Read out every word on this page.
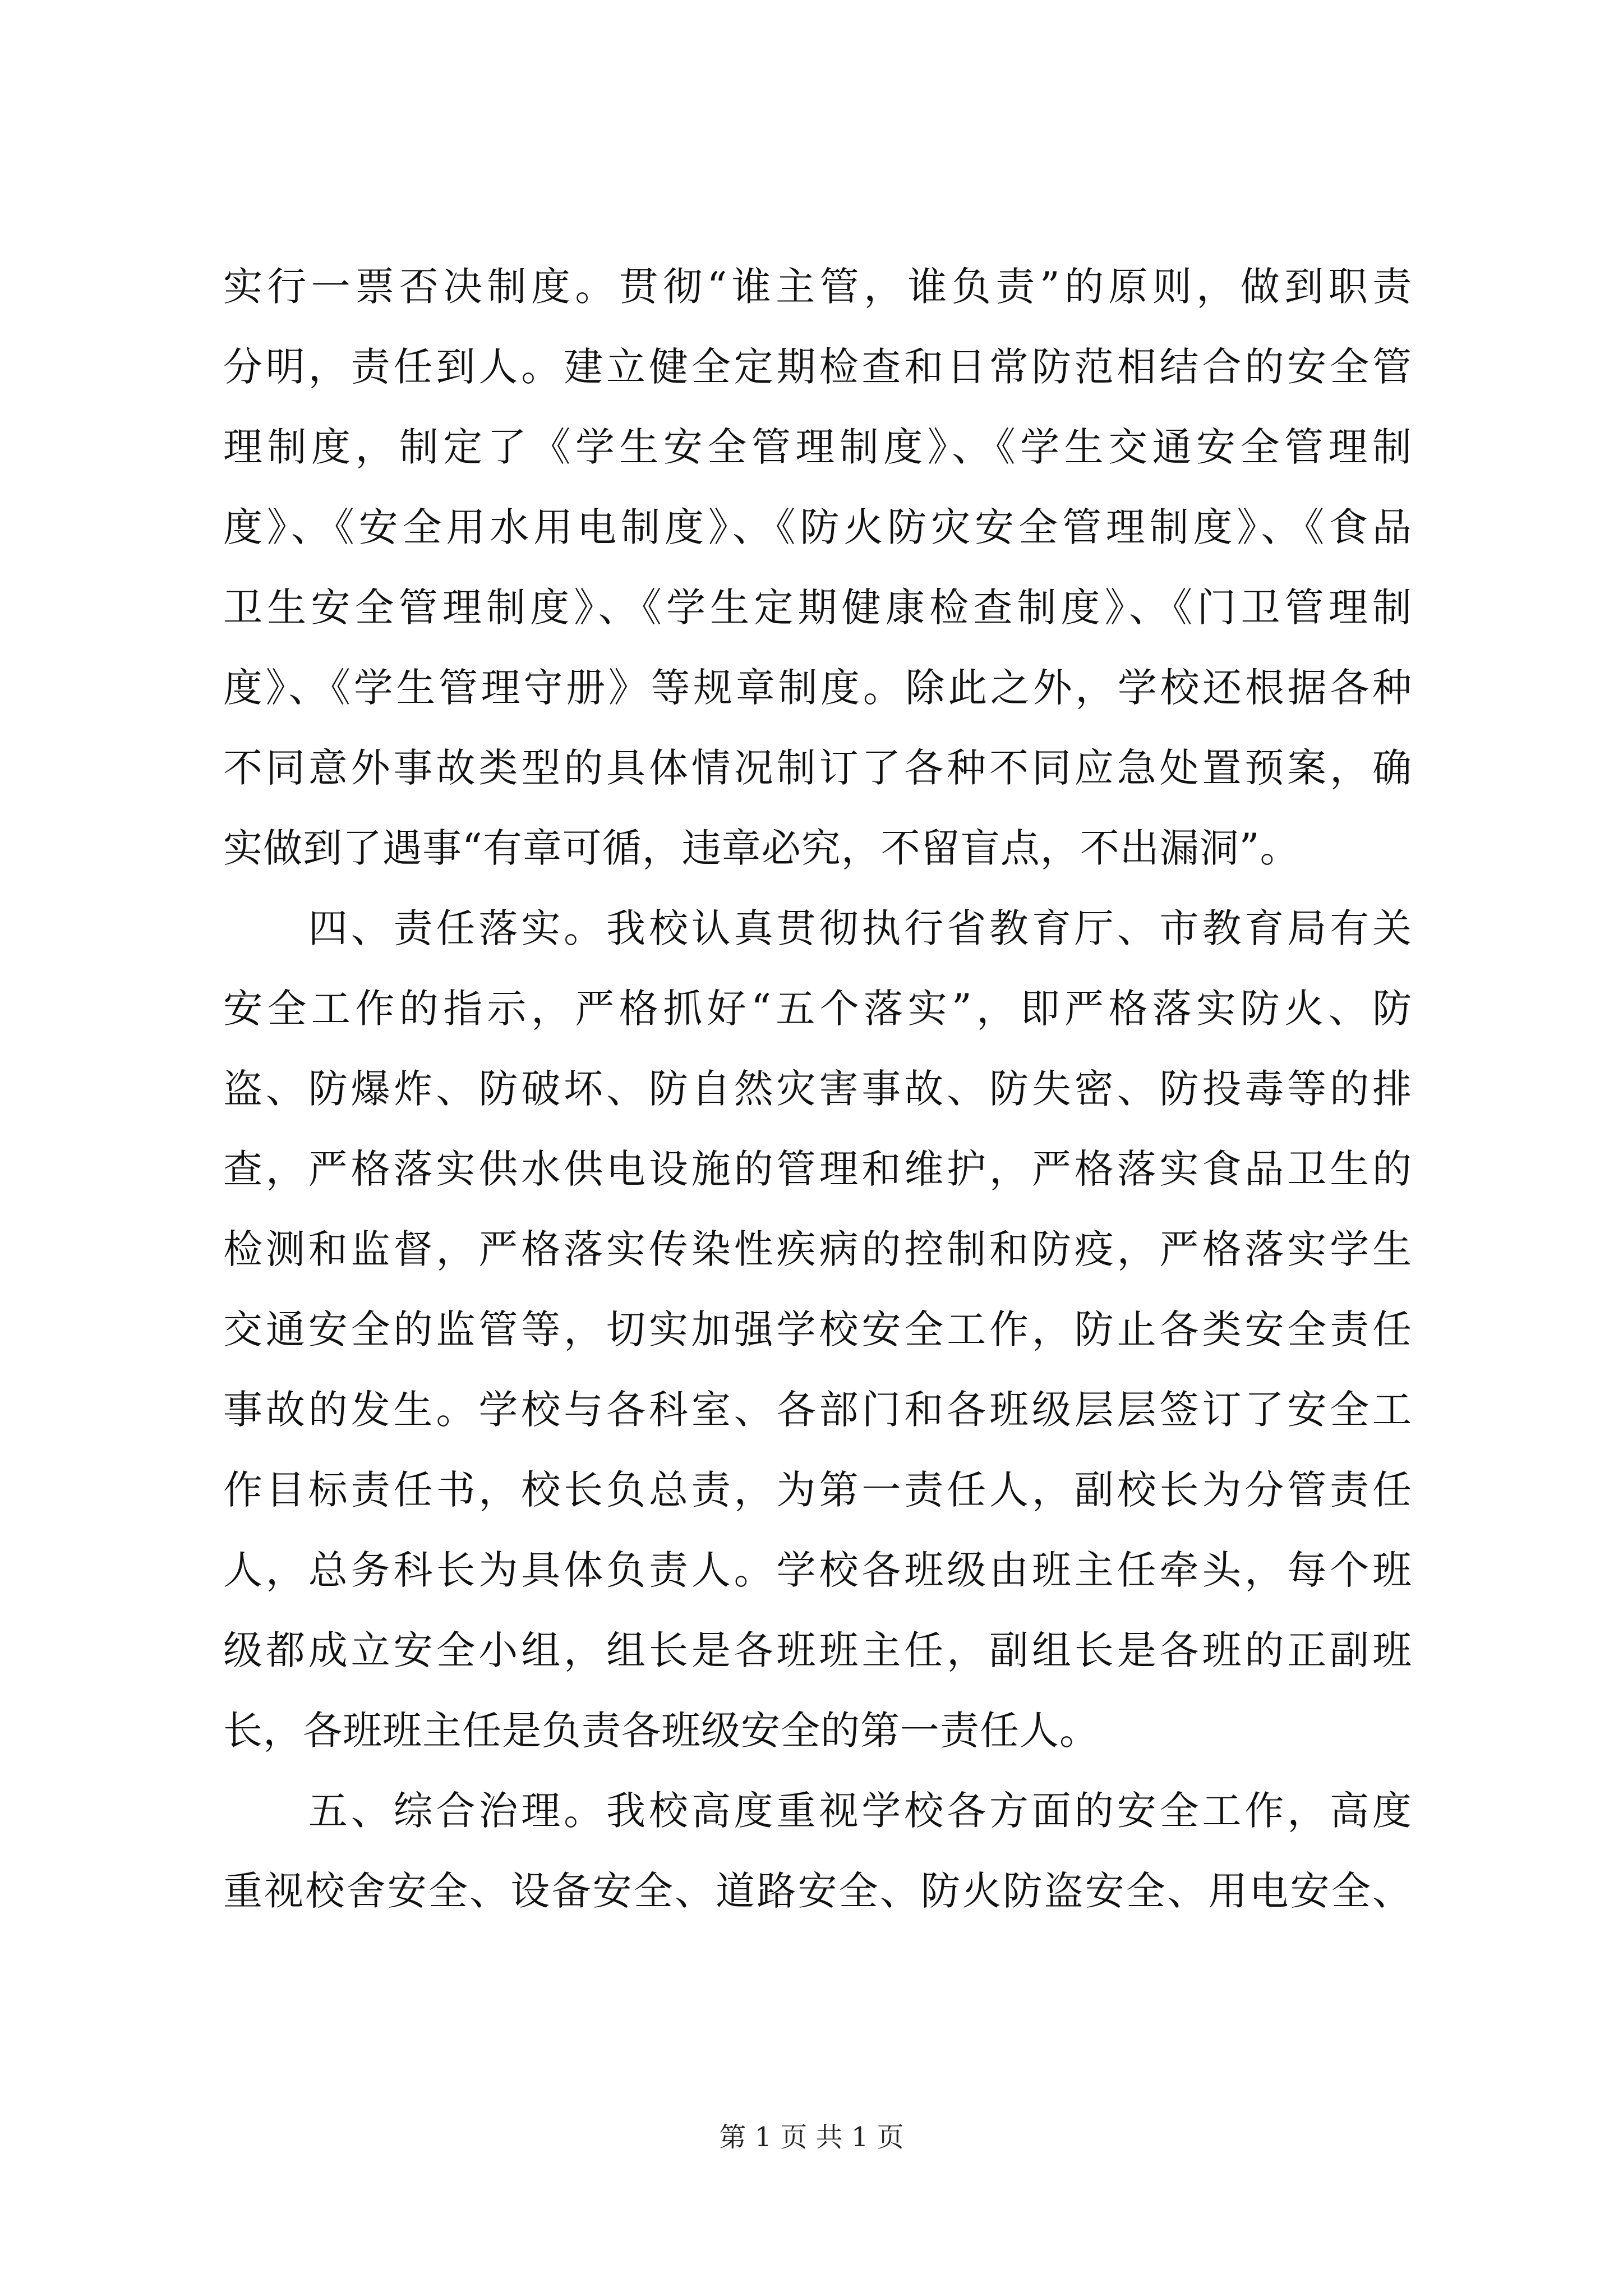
实行一票否决制度。贯彻“谁主管，谁负责”的原则，做到职责
分明，责任到人。建立健全定期检查和日常防范相结合的安全管
理制度，制定了《学生安全管理制度》、《学生交通安全管理制
度》、《安全用水用电制度》、《防火防灾安全管理制度》、《食品
卫生安全管理制度》、《学生定期健康检查制度》、《门卫管理制
度》、《学生管理守册》等规章制度。除此之外，学校还根据各种
不同意外事故类型的具体情况制订了各种不同应急处置预案，确
实做到了遇事“有章可循，违章必究，不留盲点，不出漏洞”。
　　四、责任落实。我校认真贯彻执行省教育厅、市教育局有关
安全工作的指示，严格抓好“五个落实”，即严格落实防火、防
盗、防爆炸、防破坏、防自然灾害事故、防失密、防投毒等的排
查，严格落实供水供电设施的管理和维护，严格落实食品卫生的
检测和监督，严格落实传染性疾病的控制和防疫，严格落实学生
交通安全的监管等，切实加强学校安全工作，防止各类安全责任
事故的发生。学校与各科室、各部门和各班级层层签订了安全工
作目标责任书，校长负总责，为第一责任人，副校长为分管责任
人，总务科长为具体负责人。学校各班级由班主任牵头，每个班
级都成立安全小组，组长是各班班主任，副组长是各班的正副班
长，各班班主任是负责各班级安全的第一责任人。
　　五、综合治理。我校高度重视学校各方面的安全工作，高度
重视校舍安全、设备安全、道路安全、防火防盗安全、用电安全、
第 1 页 共 1 页
